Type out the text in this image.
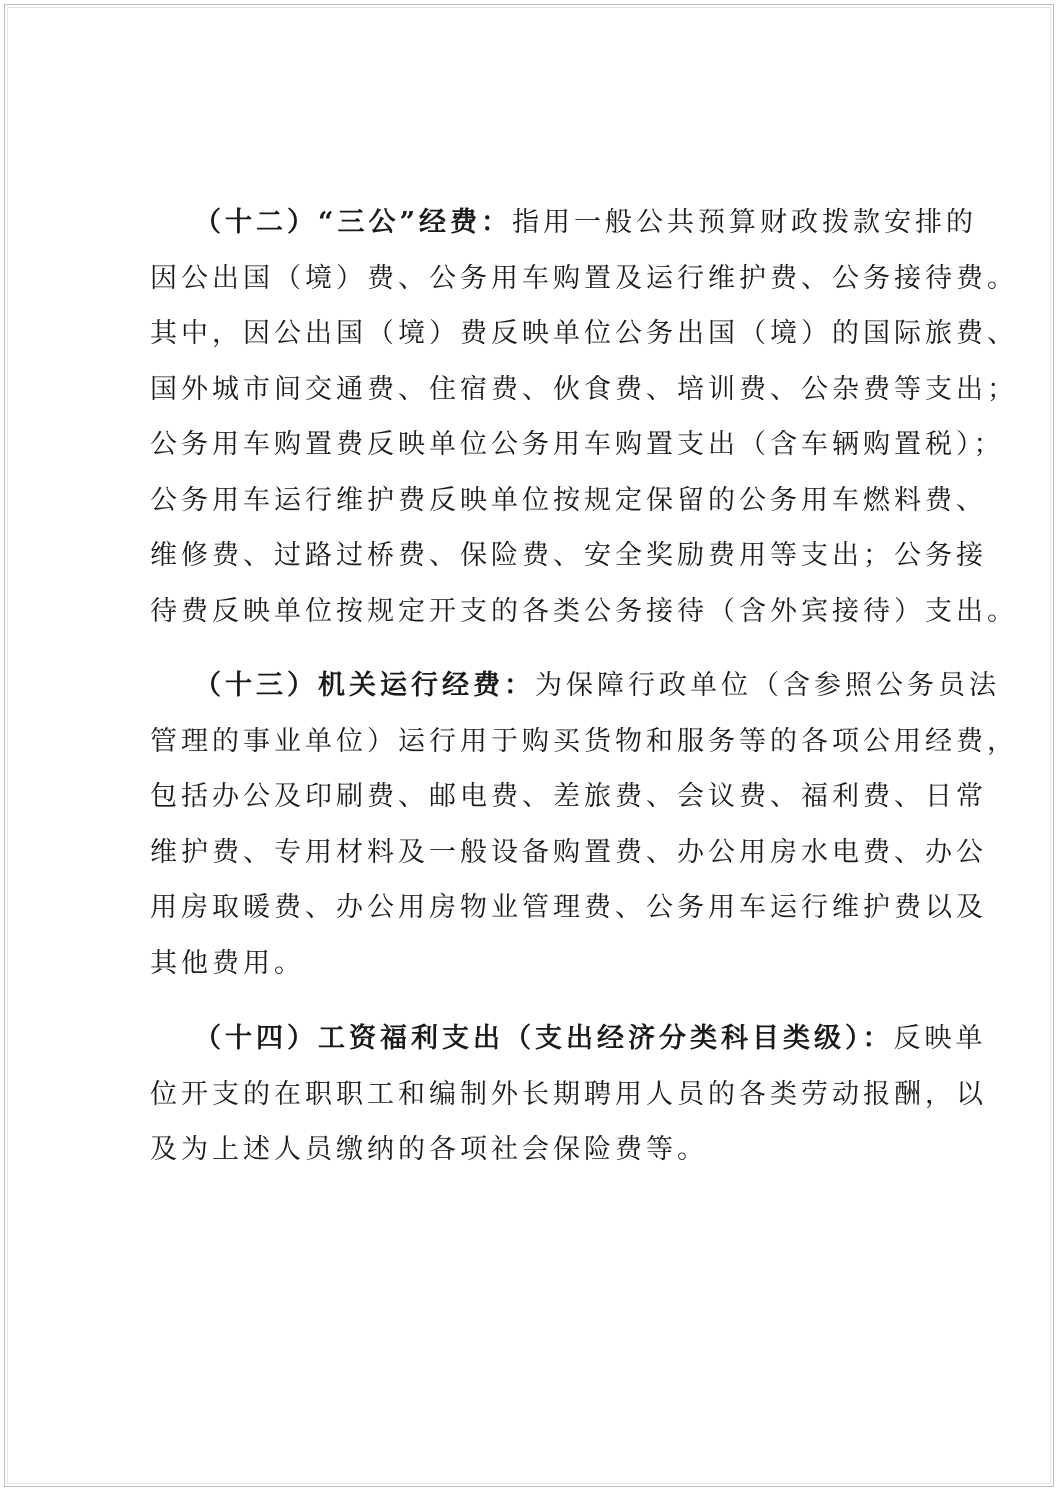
（十二）“三公”经费：指用一般公共预算财政拨款安排的
因公出国（境）费、公务用车购置及运行维护费、公务接待费。
其中，因公出国（境）费反映单位公务出国（境）的国际旅费、
国外城市间交通费、住宿费、伙食费、培训费、公杂费等支出；
公务用车购置费反映单位公务用车购置支出（含车辆购置税）；
公务用车运行维护费反映单位按规定保留的公务用车燃料费、
维修费、过路过桥费、保险费、安全奖励费用等支出；公务接
待费反映单位按规定开支的各类公务接待（含外宾接待）支出。
（十三）机关运行经费：为保障行政单位（含参照公务员法
管理的事业单位）运行用于购买货物和服务等的各项公用经费，
包括办公及印刷费、邮电费、差旅费、会议费、福利费、日常
维护费、专用材料及一般设备购置费、办公用房水电费、办公
用房取暖费、办公用房物业管理费、公务用车运行维护费以及
其他费用。
（十四）工资福利支出（支出经济分类科目类级）：反映单
位开支的在职职工和编制外长期聘用人员的各类劳动报酬，以
及为上述人员缴纳的各项社会保险费等。
